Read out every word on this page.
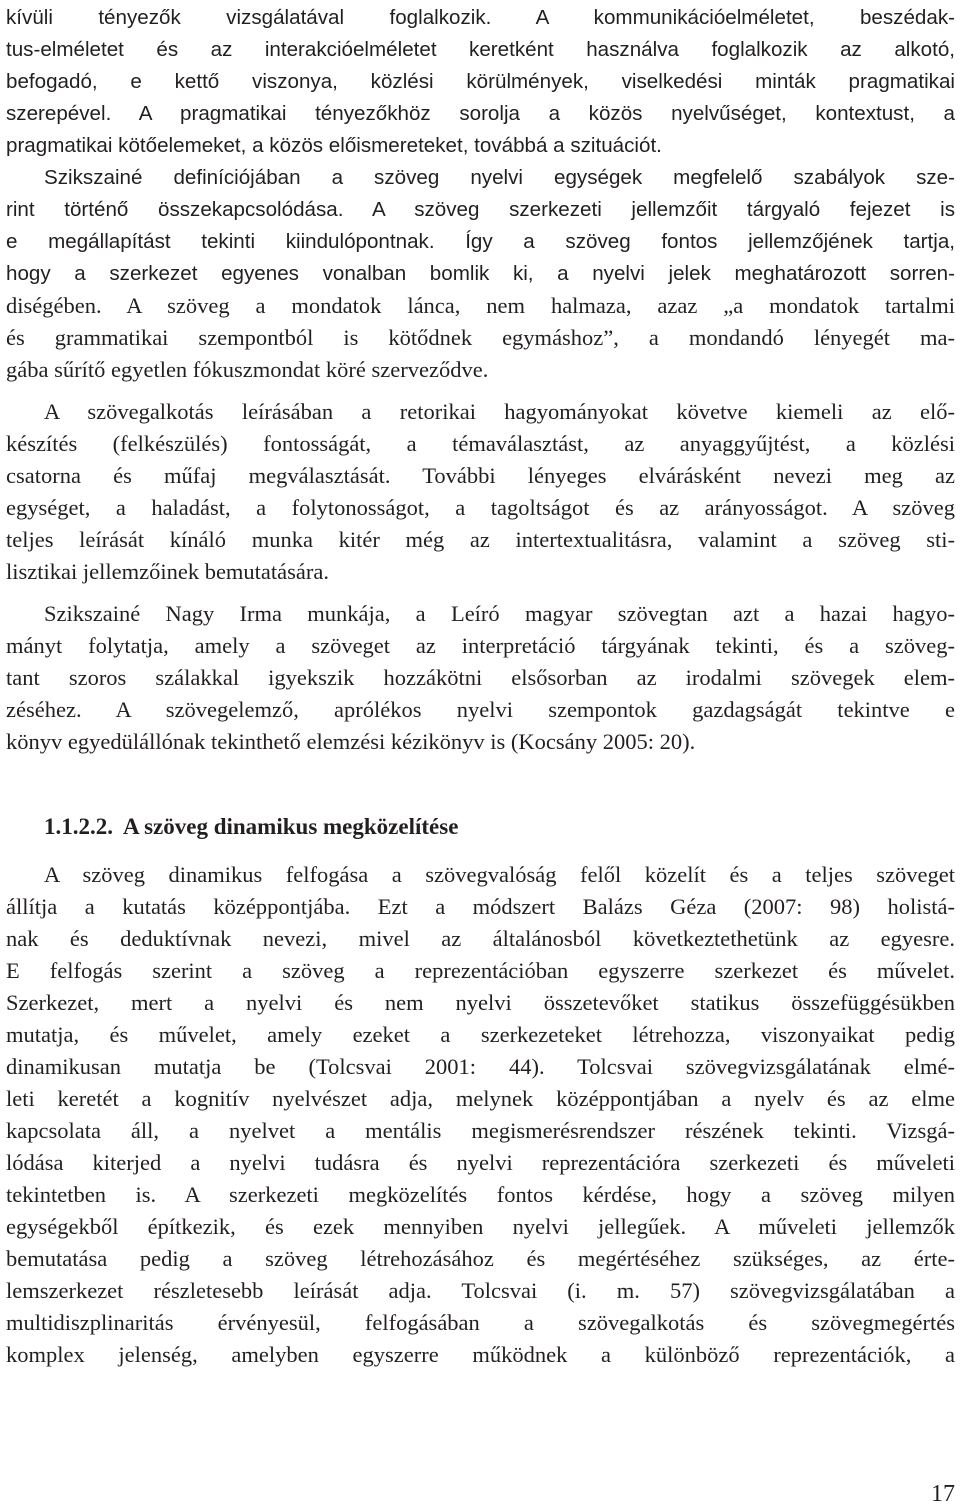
kívüli tényezők vizsgálatával foglalkozik. A kommunikációelméletet, beszédak-
tus-elméletet és az interakcióelméletet keretként használva foglalkozik az alkotó,
befogadó, e kettő viszonya, közlési körülmények, viselkedési minták pragmatikai
szerepével. A pragmatikai tényezőkhöz sorolja a közös nyelvűséget, kontextust, a
pragmatikai kötőelemeket, a közös előismereteket, továbbá a szituációt.
Szikszainé definíciójában a szöveg nyelvi egységek megfelelő szabályok sze-
rint történő összekapcsolódása. A szöveg szerkezeti jellemzőit tárgyaló fejezet is
e megállapítást tekinti kiindulópontnak. Így a szöveg fontos jellemzőjének tartja,
hogy a szerkezet egyenes vonalban bomlik ki, a nyelvi jelek meghatározott sorren-
diségében. A szöveg a mondatok lánca, nem halmaza, azaz „a mondatok tartalmi
és grammatikai szempontból is kötődnek egymáshoz”, a mondandó lényegét ma-
gába sűrítő egyetlen fókuszmondat köré szerveződve.
A szövegalkotás leírásában a retorikai hagyományokat követve kiemeli az elő-
készítés (felkészülés) fontosságát, a témaválasztást, az anyaggyűjtést, a közlési
csatorna és műfaj megválasztását. További lényeges elvárásként nevezi meg az
egységet, a haladást, a folytonosságot, a tagoltságot és az arányosságot. A szöveg
teljes leírását kínáló munka kitér még az intertextualitásra, valamint a szöveg sti-
lisztikai jellemzőinek bemutatására.
Szikszainé Nagy Irma munkája, a Leíró magyar szövegtan azt a hazai hagyo-
mányt folytatja, amely a szöveget az interpretáció tárgyának tekinti, és a szöveg-
tant szoros szálakkal igyekszik hozzákötni elsősorban az irodalmi szövegek elem-
zéséhez. A szövegelemző, aprólékos nyelvi szempontok gazdagságát tekintve e
könyv egyedülállónak tekinthető elemzési kézikönyv is (Kocsány 2005: 20).
A szöveg dinamikus felfogása a szövegvalóság felől közelít és a teljes szöveget
állítja a kutatás középpontjába. Ezt a módszert Balázs Géza (2007: 98) holistá-
nak és deduktívnak nevezi, mivel az általánosból következtethetünk az egyesre.
E felfogás szerint a szöveg a reprezentációban egyszerre szerkezet és művelet.
Szerkezet, mert a nyelvi és nem nyelvi összetevőket statikus összefüggésükben
mutatja, és művelet, amely ezeket a szerkezeteket létrehozza, viszonyaikat pedig
dinamikusan mutatja be (Tolcsvai 2001: 44). Tolcsvai szövegvizsgálatának elmé-
leti keretét a kognitív nyelvészet adja, melynek középpontjában a nyelv és az elme
kapcsolata áll, a nyelvet a mentális megismerésrendszer részének tekinti. Vizsgá-
lódása kiterjed a nyelvi tudásra és nyelvi reprezentációra szerkezeti és műveleti
tekintetben is. A szerkezeti megközelítés fontos kérdése, hogy a szöveg milyen
egységekből építkezik, és ezek mennyiben nyelvi jellegűek. A műveleti jellemzők
bemutatása pedig a szöveg létrehozásához és megértéséhez szükséges, az érte-
lemszerkezet részletesebb leírását adja. Tolcsvai (i. m. 57) szövegvizsgálatában a
multidiszplinaritás érvényesül, felfogásában a szövegalkotás és szövegmegértés
komplex jelenség, amelyben egyszerre működnek a különböző reprezentációk, a
1.1.2.2. A szöveg dinamikus megközelítése
17
